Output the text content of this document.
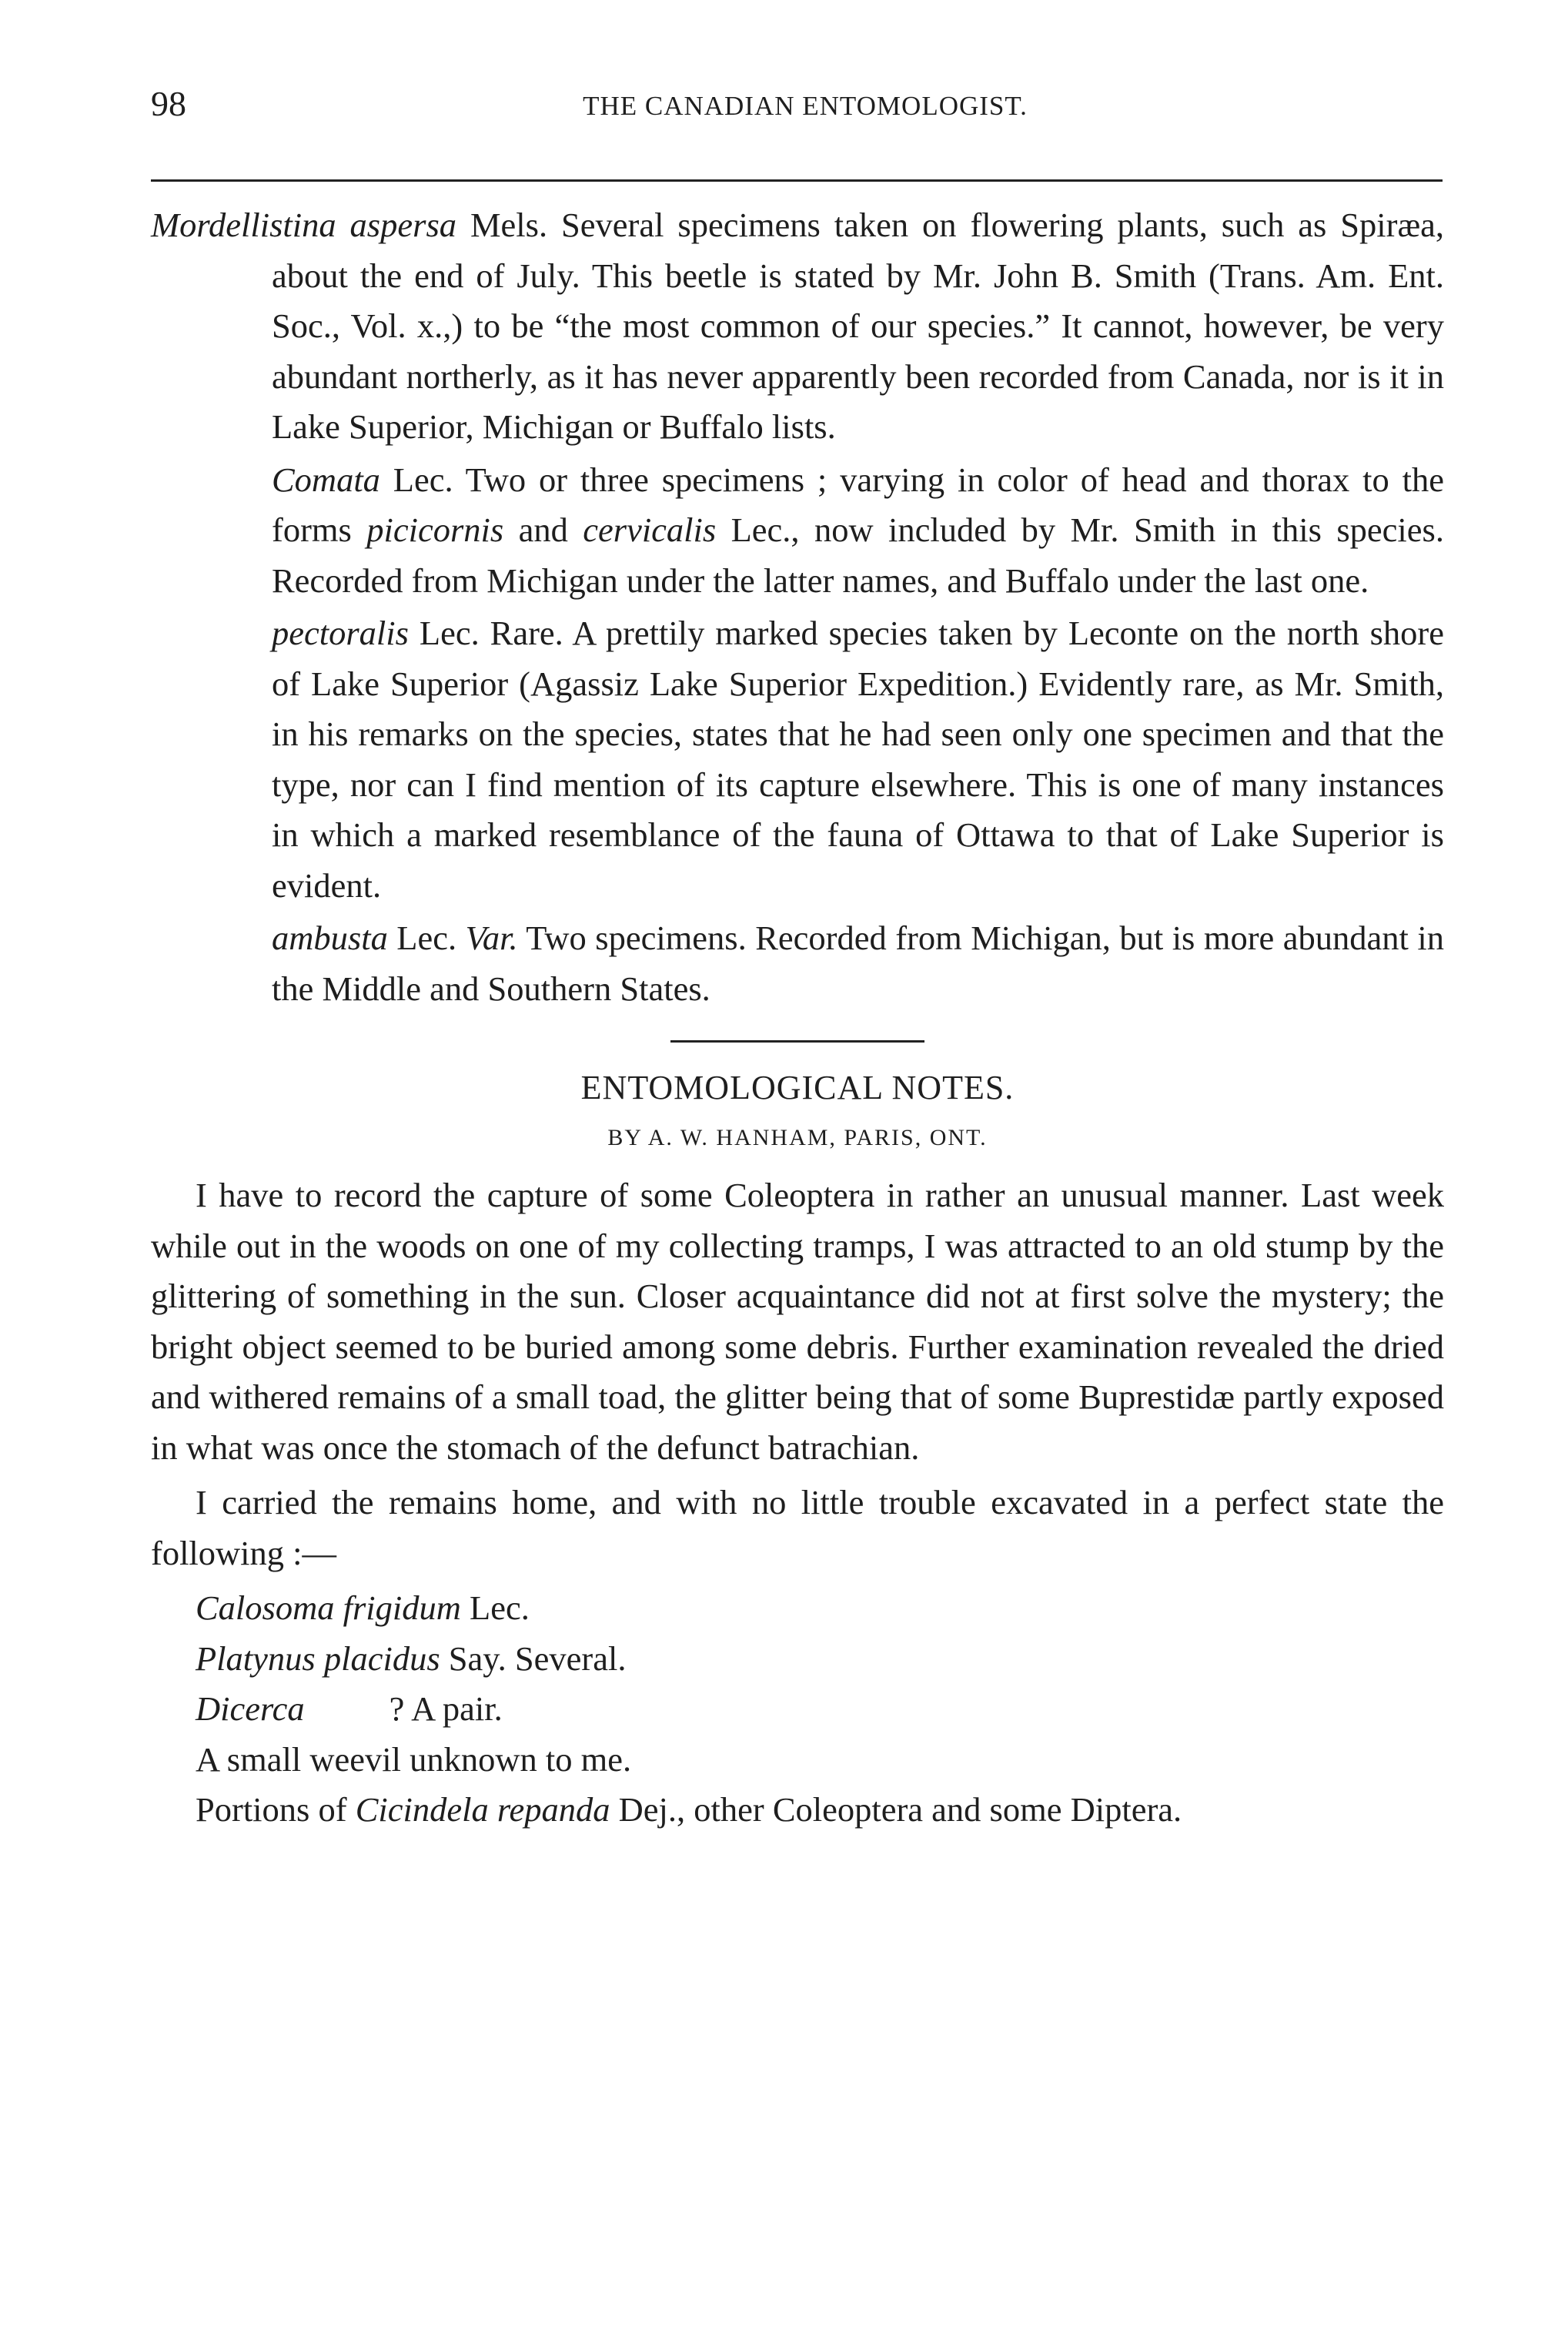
98	THE CANADIAN ENTOMOLOGIST.

Mordellistina aspersa Mels. Several specimens taken on flowering plants, such as Spiræa, about the end of July. This beetle is stated by Mr. John B. Smith (Trans. Am. Ent. Soc., Vol. x.,) to be “the most common of our species.” It cannot, however, be very abundant northerly, as it has never apparently been recorded from Canada, nor is it in Lake Superior, Michigan or Buffalo lists.

Comata Lec. Two or three specimens ; varying in color of head and thorax to the forms picicornis and cervicalis Lec., now included by Mr. Smith in this species. Recorded from Michigan under the latter names, and Buffalo under the last one.

pectoralis Lec. Rare. A prettily marked species taken by Leconte on the north shore of Lake Superior (Agassiz Lake Superior Expedition.) Evidently rare, as Mr. Smith, in his remarks on the species, states that he had seen only one specimen and that the type, nor can I find mention of its capture elsewhere. This is one of many instances in which a marked resemblance of the fauna of Ottawa to that of Lake Superior is evident.

ambusta Lec. Var. Two specimens. Recorded from Michigan, but is more abundant in the Middle and Southern States.

ENTOMOLOGICAL NOTES.

BY A. W. HANHAM, PARIS, ONT.

I have to record the capture of some Coleoptera in rather an unusual manner. Last week while out in the woods on one of my collecting tramps, I was attracted to an old stump by the glittering of something in the sun. Closer acquaintance did not at first solve the mystery; the bright object seemed to be buried among some debris. Further examination revealed the dried and withered remains of a small toad, the glitter being that of some Buprestidæ partly exposed in what was once the stomach of the defunct batrachian.

I carried the remains home, and with no little trouble excavated in a perfect state the following :—

Calosoma frigidum Lec.

Platynus placidus Say. Several.

Dicerca ? A pair.

A small weevil unknown to me.

Portions of Cicindela repanda Dej., other Coleoptera and some Diptera.
